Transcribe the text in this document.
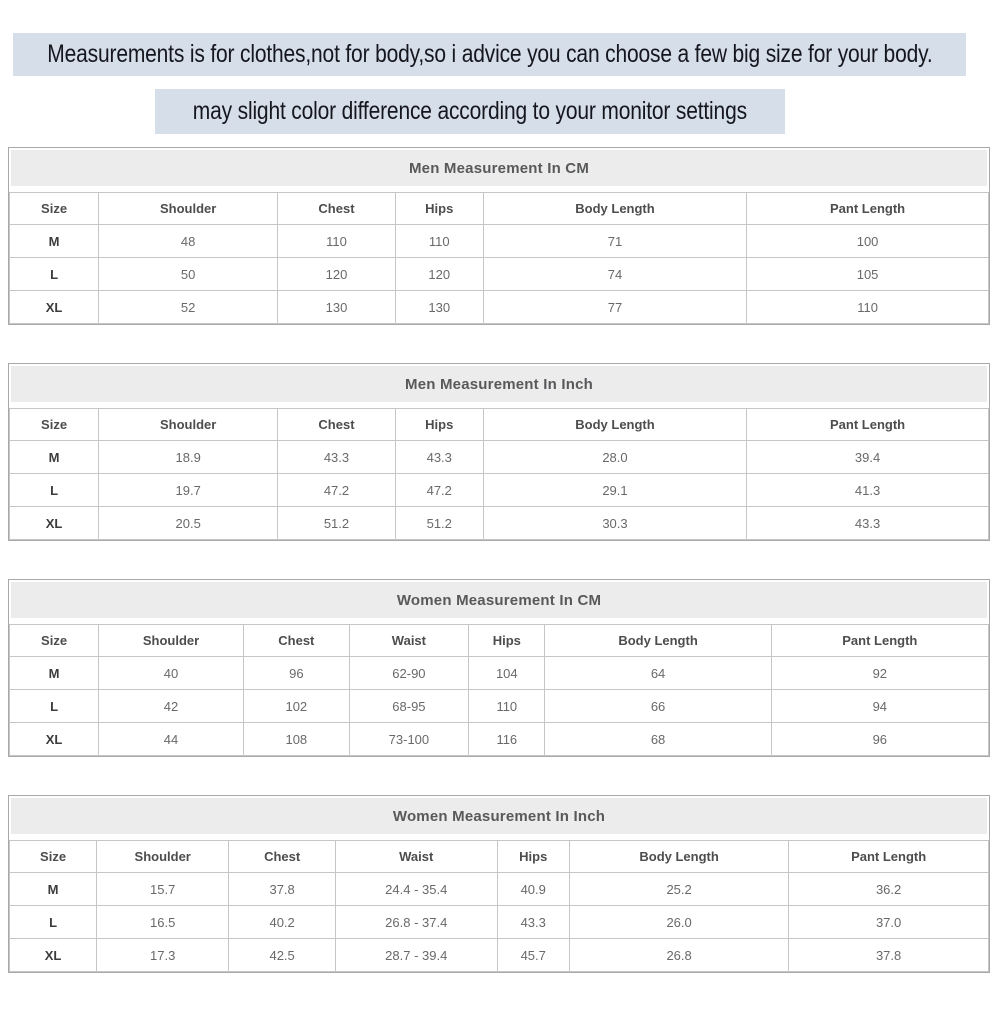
Measurements is for clothes,not for body,so i advice you can choose a few big size for your body.
may slight color difference according to your monitor settings
Men Measurement In CM
Size	Shoulder	Chest	Hips	Body Length	Pant Length
M	48	110	110	71	100
L	50	120	120	74	105
XL	52	130	130	77	110
Men Measurement In Inch
Size	Shoulder	Chest	Hips	Body Length	Pant Length
M	18.9	43.3	43.3	28.0	39.4
L	19.7	47.2	47.2	29.1	41.3
XL	20.5	51.2	51.2	30.3	43.3
Women Measurement In CM
Size	Shoulder	Chest	Waist	Hips	Body Length	Pant Length
M	40	96	62-90	104	64	92
L	42	102	68-95	110	66	94
XL	44	108	73-100	116	68	96
Women Measurement In Inch
Size	Shoulder	Chest	Waist	Hips	Body Length	Pant Length
M	15.7	37.8	24.4 - 35.4	40.9	25.2	36.2
L	16.5	40.2	26.8 - 37.4	43.3	26.0	37.0
XL	17.3	42.5	28.7 - 39.4	45.7	26.8	37.8
